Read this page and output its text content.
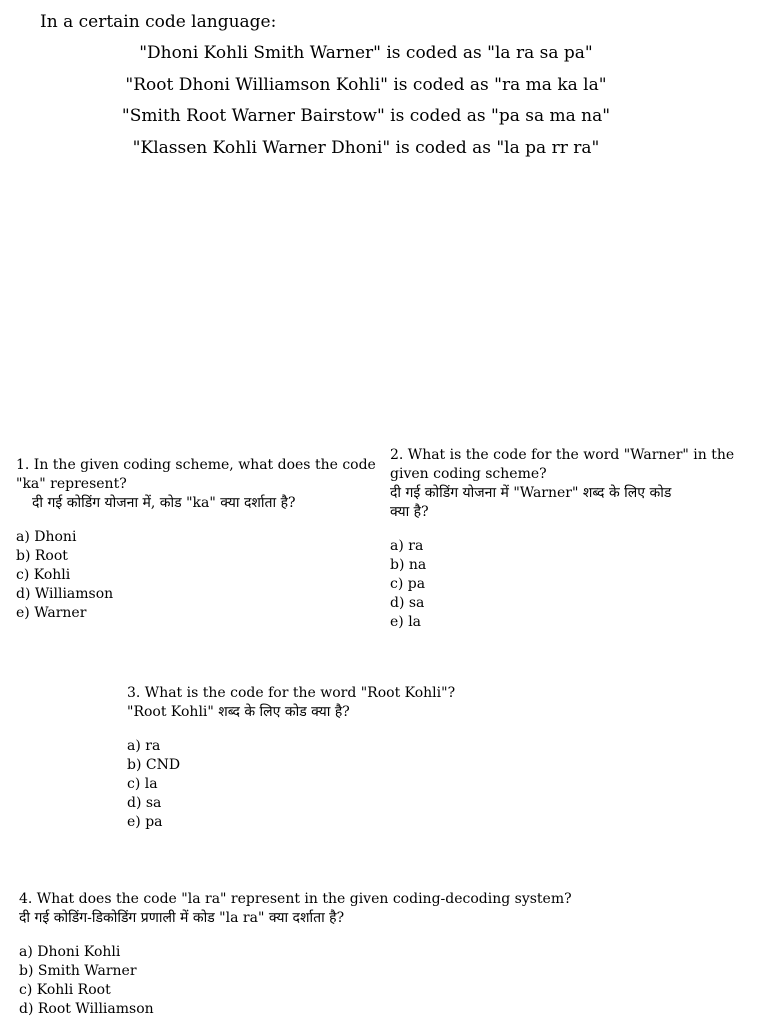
In a certain code language:
"Dhoni Kohli Smith Warner" is coded as "la ra sa pa"
"Root Dhoni Williamson Kohli" is coded as "ra ma ka la"
"Smith Root Warner Bairstow" is coded as "pa sa ma na"
"Klassen Kohli Warner Dhoni" is coded as "la pa rr ra"
1. In the given coding scheme, what does the code
"ka" represent?
दी गई कोडिंग योजना में, कोड "ka" क्या दर्शाता है?
a) Dhoni
b) Root
c) Kohli
d) Williamson
e) Warner
2. What is the code for the word "Warner" in the
given coding scheme?
दी गई कोडिंग योजना में "Warner" शब्द के लिए कोड
क्या है?
a) ra
b) na
c) pa
d) sa
e) la
3. What is the code for the word "Root Kohli"?
"Root Kohli" शब्द के लिए कोड क्या है?
a) ra
b) CND
c) la
d) sa
e) pa
4. What does the code "la ra" represent in the given coding-decoding system?
दी गई कोडिंग-डिकोडिंग प्रणाली में कोड "la ra" क्या दर्शाता है?
a) Dhoni Kohli
b) Smith Warner
c) Kohli Root
d) Root Williamson
